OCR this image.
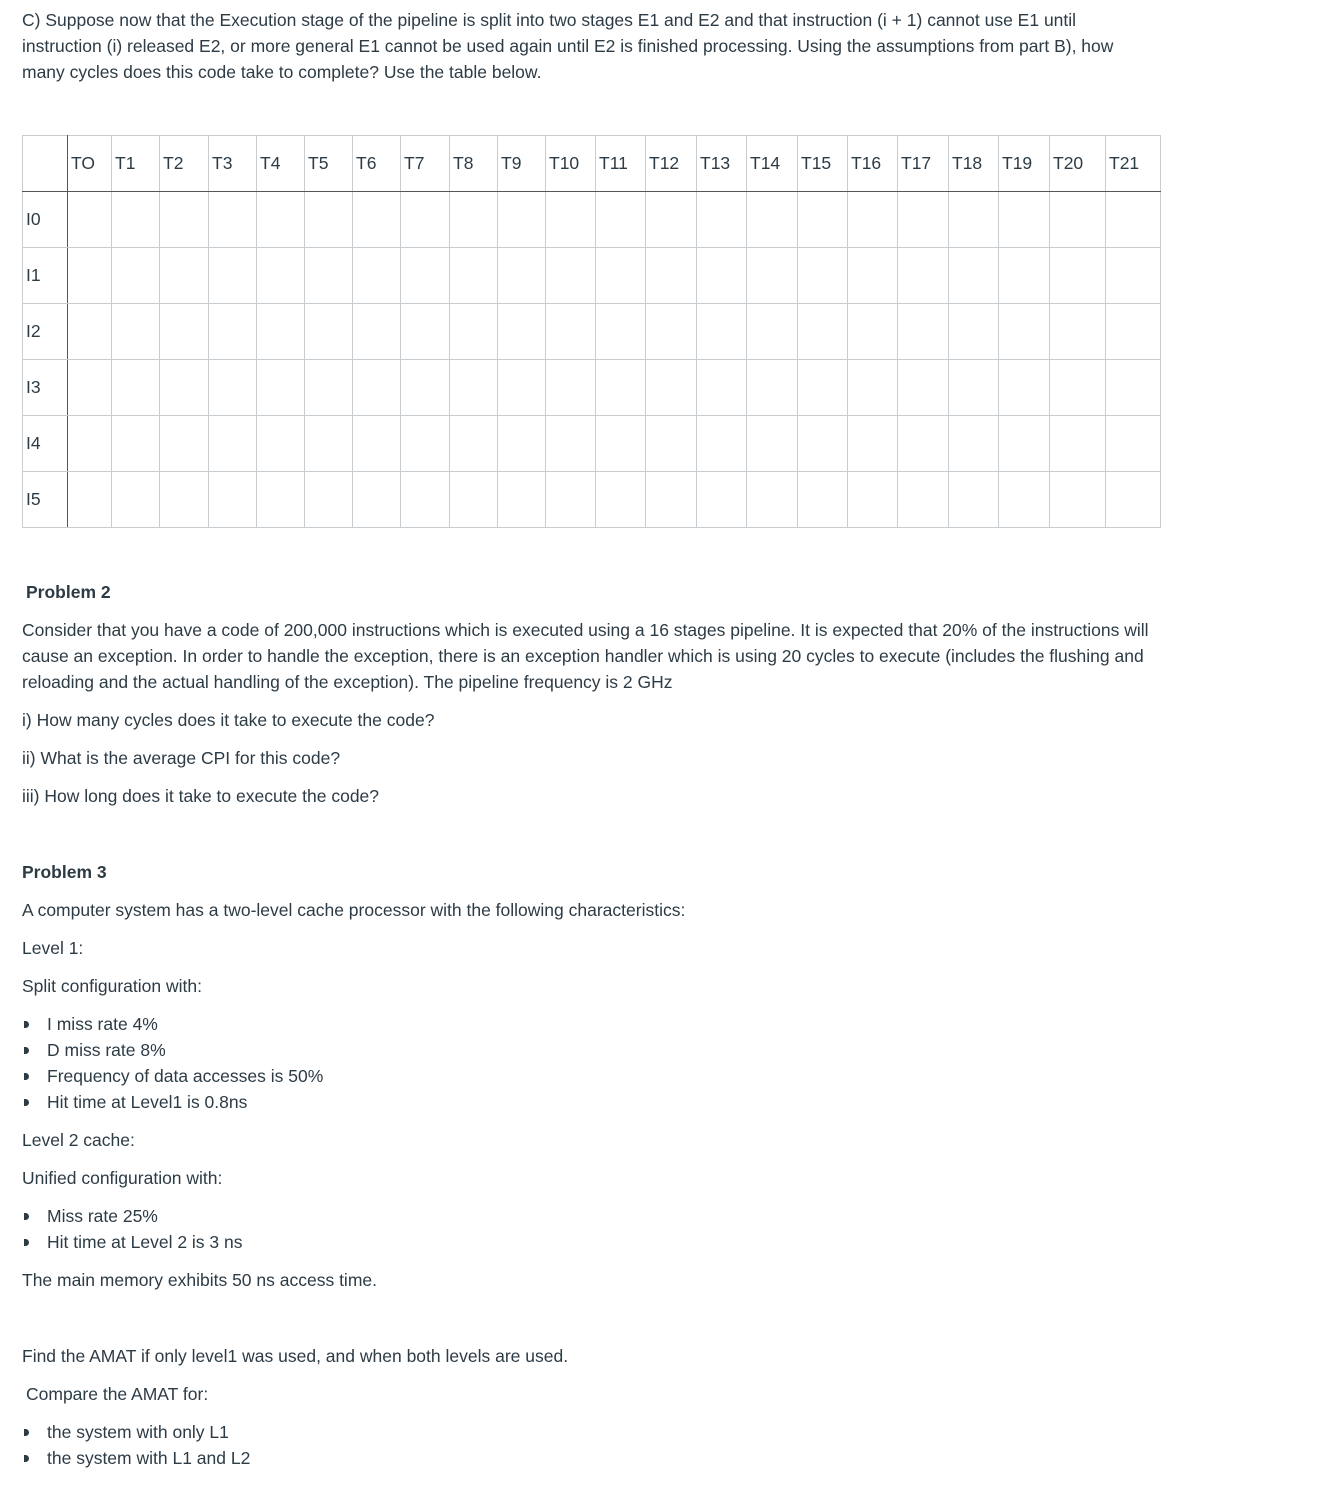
C) Suppose now that the Execution stage of the pipeline is split into two stages E1 and E2 and that instruction (i + 1) cannot use E1 until instruction (i) released E2, or more general E1 cannot be used again until E2 is finished processing. Using the assumptions from part B), how many cycles does this code take to complete? Use the table below.

	TO	T1	T2	T3	T4	T5	T6	T7	T8	T9	T10	T11	T12	T13	T14	T15	T16	T17	T18	T19	T20	T21
I0																						
I1																						
I2																						
I3																						
I4																						
I5																						

Problem 2

Consider that you have a code of 200,000 instructions which is executed using a 16 stages pipeline. It is expected that 20% of the instructions will cause an exception. In order to handle the exception, there is an exception handler which is using 20 cycles to execute (includes the flushing and reloading and the actual handling of the exception). The pipeline frequency is 2 GHz

i) How many cycles does it take to execute the code?

ii) What is the average CPI for this code?

iii) How long does it take to execute the code?

Problem 3

A computer system has a two-level cache processor with the following characteristics:

Level 1:

Split configuration with:

I miss rate 4%
D miss rate 8%
Frequency of data accesses is 50%
Hit time at Level1 is 0.8ns

Level 2 cache:

Unified configuration with:

Miss rate 25%
Hit time at Level 2 is 3 ns

The main memory exhibits 50 ns access time.

Find the AMAT if only level1 was used, and when both levels are used.

Compare the AMAT for:

the system with only L1
the system with L1 and L2
